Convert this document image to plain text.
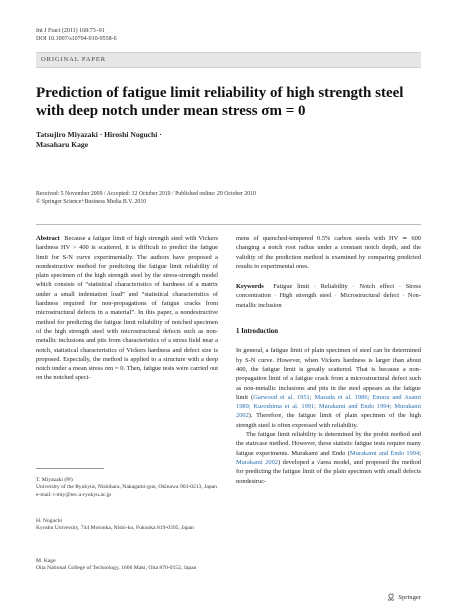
Int J Fract (2011) 168:73–91
DOI 10.1007/s10704-010-9558-6
ORIGINAL PAPER
Prediction of fatigue limit reliability of high strength steel with deep notch under mean stress σm = 0
Tatsujiro Miyazaki · Hiroshi Noguchi ·
Masaharu Kage
Received: 5 November 2009 / Accepted: 12 October 2010 / Published online: 29 October 2010
© Springer Science+Business Media B.V. 2010

Abstract Because a fatigue limit of high strength steel with Vickers hardness HV > 400 is scattered, it is difficult to predict the fatigue limit for S-N curve experimentally. The authors have proposed a nondestructive method for predicting the fatigue limit reliability of plain specimen of the high strength steel by the stress-strength model which consists of “statistical characteristics of hardness of a matrix under a small indentation load” and “statistical characteristics of hardness required for non-propagations of fatigue cracks from microstructural defects in a material”. In this paper, a nondestructive method for predicting the fatigue limit reliability of notched specimen of the high strength steel with microstructural defects such as non-metallic inclusions and pits from characteristics of a stress field near a notch, statistical characteristics of Vickers hardness and defect size is proposed. Especially, the method is applied to a structure with a deep notch under a mean stress σm = 0. Then, fatigue tests were carried out on the notched speci-

mens of quenched-tempered 0.5% carbon steels with HV ≃ 600 changing a notch root radius under a constant notch depth, and the validity of the prediction method is examined by comparing predicted results to experimental ones.

Keywords Fatigue limit · Reliability · Notch effect · Stress concentration · High strength steel · Microstructural defect · Non-metallic inclusion

1 Introduction

In general, a fatigue limit of plain specimen of steel can be determined by S-N curve. However, when Vickers hardness is larger than about 400, the fatigue limit is greatly scattered. That is because a non-propagation limit of a fatigue crack from a microstructural defect such as non-metallic inclusions and pits in the steel appears as the fatigue limit (Garwood et al. 1951; Masuda et al. 1986; Emura and Asami 1989; Kuroshima et al. 1991; Murakami and Endo 1994; Murakami 2002). Therefore, the fatigue limit of plain specimen of the high strength steel is often expressed with reliability.

The fatigue limit reliability is determined by the probit method and the staircase method. However, these statistic fatigue tests require many fatigue experiments. Murakami and Endo (Murakami and Endo 1994; Murakami 2002) developed a √area model, and proposed the method for predicting the fatigue limit of the plain specimen with small defects nondestruc-

T. Miyazaki (✉)
University of the Ryukyus, Nishihara, Nakagami-gun, Okinawa 903-0213, Japan
e-mail: t-miy@tec.u-ryukyu.ac.jp
H. Noguchi
Kyushu University, 744 Motooka, Nishi-ku, Fukuoka 819-0395, Japan
M. Kage
Oita National College of Technology, 1666 Maki, Oita 870-0152, Japan
Springer
